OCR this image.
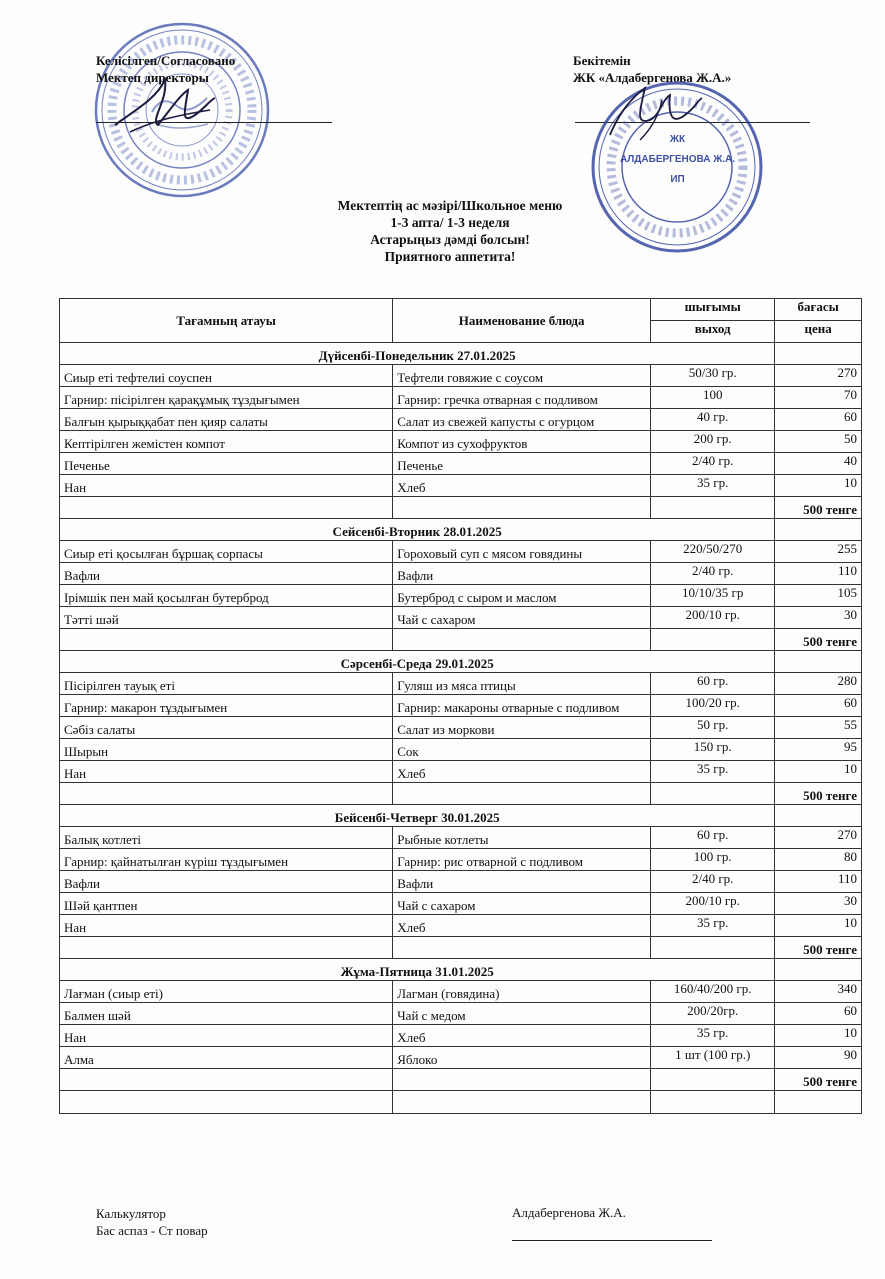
Келісілген/Согласовано
Мектеп директоры
Бекітемін
ЖК «Алдабергенова Ж.А.»
ЖК
АЛДАБЕРГЕНОВА Ж.А.
ИП
Мектептің ас мәзірі/Школьное меню
1-3 апта/ 1-3 неделя
Астарыңыз дәмді болсын!
Приятного аппетита!
Тағамның атауы	Наименование блюда	шығымы	бағасы
		выход	цена
Дүйсенбі-Понедельник 27.01.2025			
Сиыр еті тефтелиі соуспен	Тефтели говяжие с соусом	50/30 гр.	270
Гарнир: пісірілген қарақұмық тұздығымен	Гарнир: гречка отварная с подливом	100	70
Балғын қырыққабат пен қияр салаты	Салат из свежей капусты с огурцом	40 гр.	60
Кептірілген жемістен компот	Компот из сухофруктов	200 гр.	50
Печенье	Печенье	2/40 гр.	40
Нан	Хлеб	35 гр.	10
			500 тенге
Сейсенбі-Вторник 28.01.2025			
Сиыр еті қосылған бұршақ сорпасы	Гороховый суп с мясом говядины	220/50/270	255
Вафли	Вафли	2/40 гр.	110
Ірімшік пен май қосылған бутерброд	Бутерброд с сыром и маслом	10/10/35 гр	105
Тәтті шәй	Чай с сахаром	200/10 гр.	30
			500 тенге
Сәрсенбі-Среда 29.01.2025			
Пісірілген тауық еті	Гуляш из мяса птицы	60 гр.	280
Гарнир: макарон тұздығымен	Гарнир: макароны отварные с подливом	100/20 гр.	60
Сәбіз салаты	Салат из моркови	50 гр.	55
Шырын	Сок	150 гр.	95
Нан	Хлеб	35 гр.	10
			500 тенге
Бейсенбі-Четверг 30.01.2025			
Балық котлеті	Рыбные котлеты	60 гр.	270
Гарнир: қайнатылған күріш тұздығымен	Гарнир: рис отварной с подливом	100 гр.	80
Вафли	Вафли	2/40 гр.	110
Шәй қантпен	Чай с сахаром	200/10 гр.	30
Нан	Хлеб	35 гр.	10
			500 тенге
Жұма-Пятница 31.01.2025			
Лағман (сиыр еті)	Лагман (говядина)	160/40/200 гр.	340
Балмен шәй	Чай с медом	200/20гр.	60
Нан	Хлеб	35 гр.	10
Алма	Яблоко	1 шт (100 гр.)	90
			500 тенге

Калькулятор
Бас аспаз - Ст повар
Алдабергенова Ж.А.
